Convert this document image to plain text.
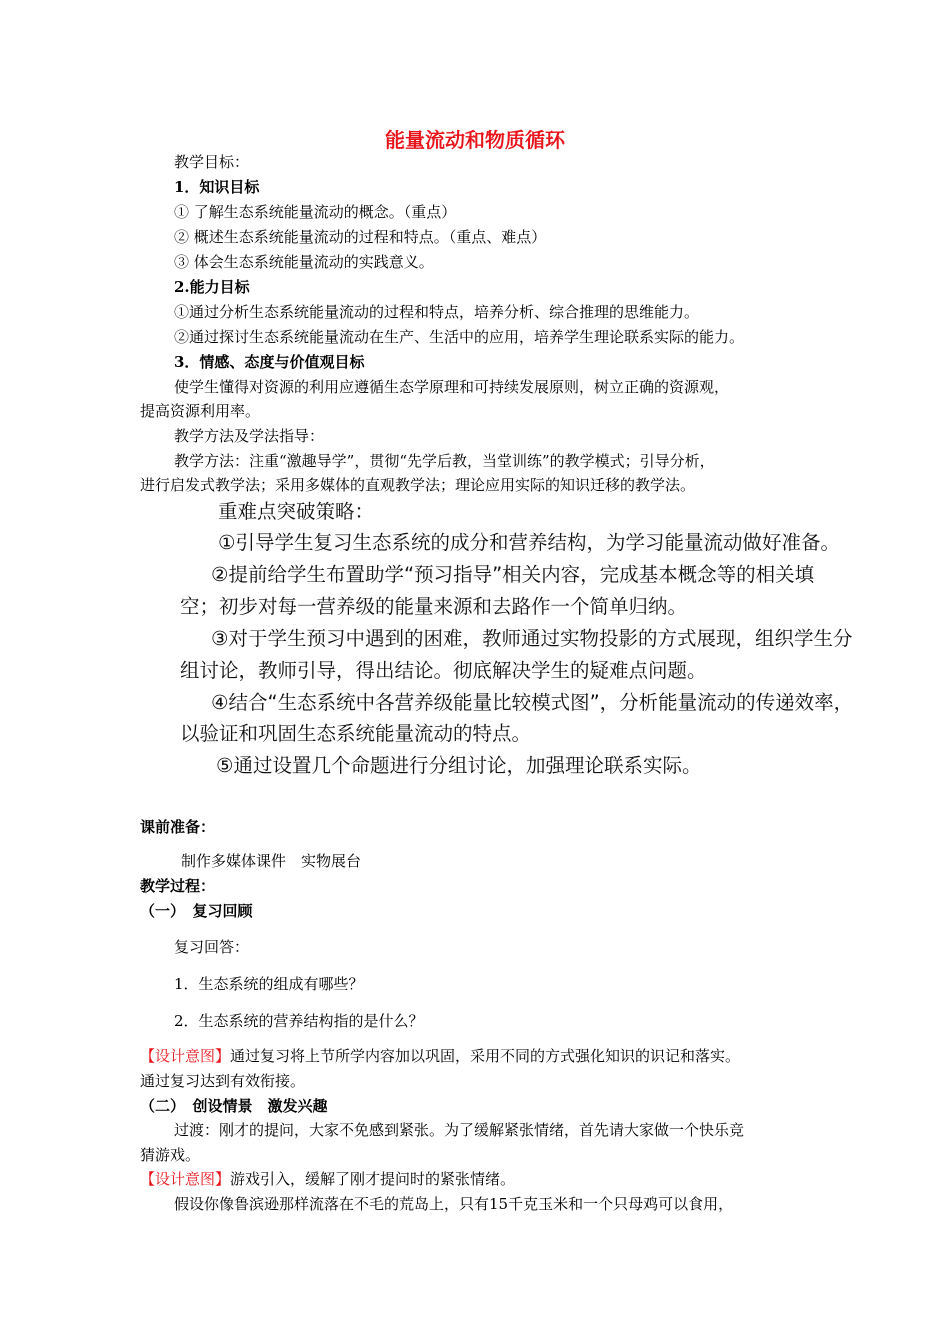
能量流动和物质循环
教学目标：
1．知识目标
① 了解生态系统能量流动的概念。（重点）
② 概述生态系统能量流动的过程和特点。（重点、难点）
③ 体会生态系统能量流动的实践意义。
2.能力目标
①通过分析生态系统能量流动的过程和特点，培养分析、综合推理的思维能力。
②通过探讨生态系统能量流动在生产、生活中的应用，培养学生理论联系实际的能力。
3．情感、态度与价值观目标
使学生懂得对资源的利用应遵循生态学原理和可持续发展原则，树立正确的资源观，
提高资源利用率。
教学方法及学法指导：
教学方法：注重“激趣导学”，贯彻“先学后教，当堂训练”的教学模式；引导分析，
进行启发式教学法；采用多媒体的直观教学法；理论应用实际的知识迁移的教学法。
重难点突破策略：
①引导学生复习生态系统的成分和营养结构，为学习能量流动做好准备。
②提前给学生布置助学“预习指导”相关内容，完成基本概念等的相关填
空；初步对每一营养级的能量来源和去路作一个简单归纳。
③对于学生预习中遇到的困难，教师通过实物投影的方式展现，组织学生分
组讨论，教师引导，得出结论。彻底解决学生的疑难点问题。
④结合“生态系统中各营养级能量比较模式图”，分析能量流动的传递效率，
以验证和巩固生态系统能量流动的特点。
⑤通过设置几个命题进行分组讨论，加强理论联系实际。
课前准备：
制作多媒体课件　实物展台
教学过程：
（一）　复习回顾
复习回答：
1．生态系统的组成有哪些？
2．生态系统的营养结构指的是什么？
【设计意图】通过复习将上节所学内容加以巩固，采用不同的方式强化知识的识记和落实。
通过复习达到有效衔接。
（二）　创设情景　激发兴趣
过渡：刚才的提问，大家不免感到紧张。为了缓解紧张情绪，首先请大家做一个快乐竞
猜游戏。
【设计意图】游戏引入，缓解了刚才提问时的紧张情绪。
假设你像鲁滨逊那样流落在不毛的荒岛上，只有15千克玉米和一个只母鸡可以食用，
